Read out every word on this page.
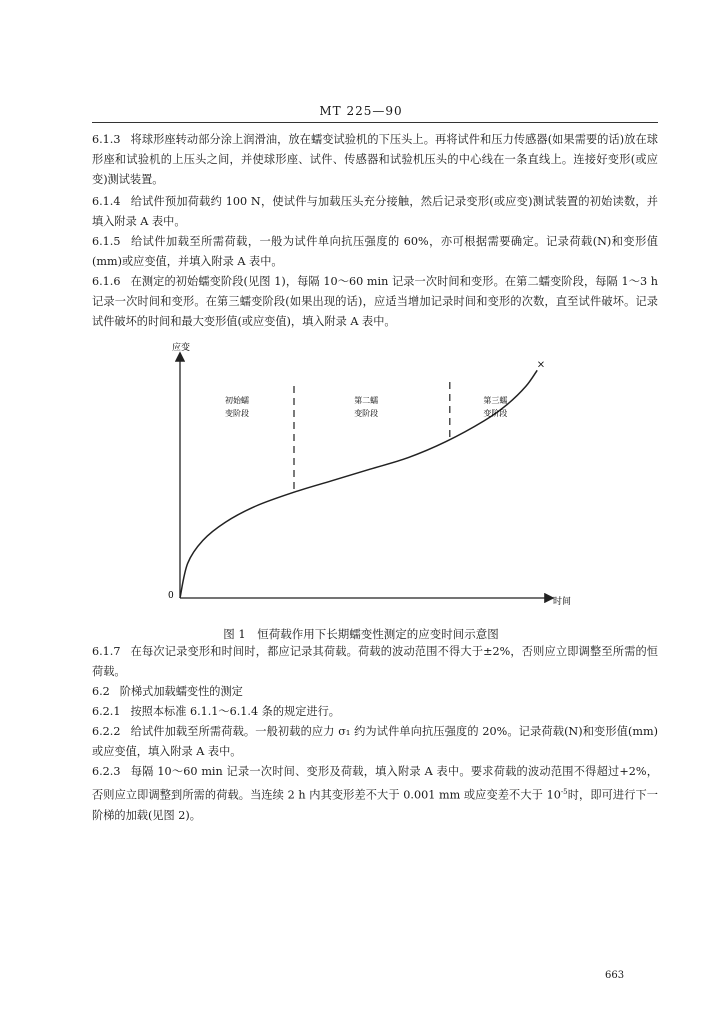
MT 225—90

6.1.3 将球形座转动部分涂上润滑油，放在蠕变试验机的下压头上。再将试件和压力传感器(如果需要的话)放在球形座和试验机的上压头之间，并使球形座、试件、传感器和试验机压头的中心线在一条直线上。连接好变形(或应变)测试装置。

6.1.4 给试件预加荷载约 100 N，使试件与加载压头充分接触，然后记录变形(或应变)测试装置的初始读数，并填入附录 A 表中。

6.1.5 给试件加载至所需荷载，一般为试件单向抗压强度的 60%，亦可根据需要确定。记录荷载(N)和变形值(mm)或应变值，并填入附录 A 表中。

6.1.6 在测定的初始蠕变阶段(见图 1)，每隔 10～60 min 记录一次时间和变形。在第二蠕变阶段，每隔 1～3 h 记录一次时间和变形。在第三蠕变阶段(如果出现的话)，应适当增加记录时间和变形的次数，直至试件破坏。记录试件破坏的时间和最大变形值(或应变值)，填入附录 A 表中。

应变
时间
0
初始蠕
变阶段
第二蠕
变阶段
第三蠕
变阶段
×
图 1　恒荷载作用下长期蠕变性测定的应变时间示意图

6.1.7 在每次记录变形和时间时，都应记录其荷载。荷载的波动范围不得大于±2%，否则应立即调整至所需的恒荷载。

6.2 阶梯式加载蠕变性的测定

6.2.1 按照本标准 6.1.1～6.1.4 条的规定进行。

6.2.2 给试件加载至所需荷载。一般初载的应力 σ₁ 约为试件单向抗压强度的 20%。记录荷载(N)和变形值(mm)或应变值，填入附录 A 表中。

6.2.3 每隔 10～60 min 记录一次时间、变形及荷载，填入附录 A 表中。要求荷载的波动范围不得超过+2%，否则应立即调整到所需的荷载。当连续 2 h 内其变形差不大于 0.001 mm 或应变差不大于 $10^{-5}$时，即可进行下一阶梯的加载(见图 2)。

663
